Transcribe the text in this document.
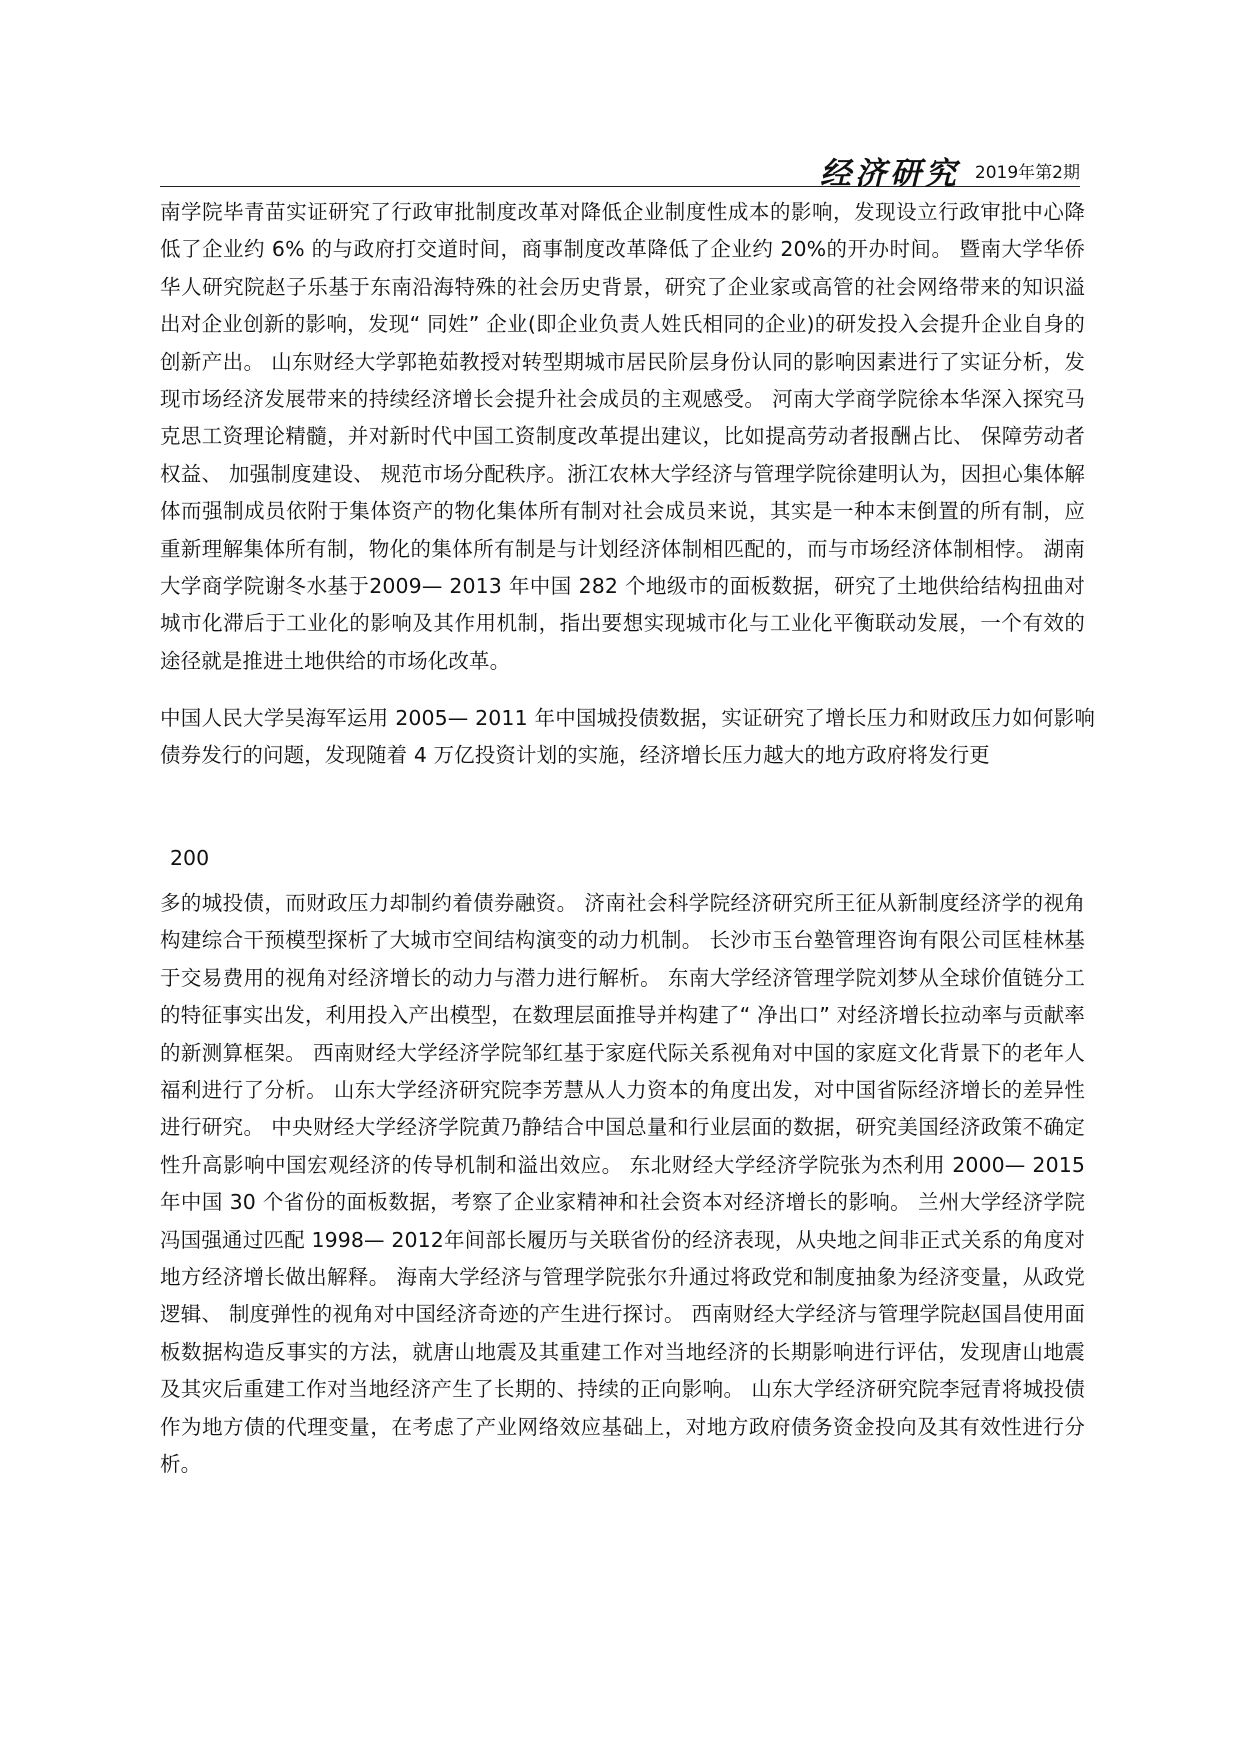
经济研究 2019年第2期
南学院毕青苗实证研究了行政审批制度改革对降低企业制度性成本的影响，发现设立行政审批中心降低了企业约 6% 的与政府打交道时间，商事制度改革降低了企业约 20%的开办时间。 暨南大学华侨华人研究院赵子乐基于东南沿海特殊的社会历史背景，研究了企业家或高管的社会网络带来的知识溢出对企业创新的影响，发现“ 同姓” 企业(即企业负责人姓氏相同的企业)的研发投入会提升企业自身的创新产出。 山东财经大学郭艳茹教授对转型期城市居民阶层身份认同的影响因素进行了实证分析，发现市场经济发展带来的持续经济增长会提升社会成员的主观感受。 河南大学商学院徐本华深入探究马克思工资理论精髓，并对新时代中国工资制度改革提出建议，比如提高劳动者报酬占比、 保障劳动者权益、 加强制度建设、 规范市场分配秩序。浙江农林大学经济与管理学院徐建明认为，因担心集体解体而强制成员依附于集体资产的物化集体所有制对社会成员来说，其实是一种本末倒置的所有制，应重新理解集体所有制，物化的集体所有制是与计划经济体制相匹配的，而与市场经济体制相悖。 湖南大学商学院谢冬水基于2009— 2013 年中国 282 个地级市的面板数据，研究了土地供给结构扭曲对城市化滞后于工业化的影响及其作用机制，指出要想实现城市化与工业化平衡联动发展，一个有效的途径就是推进土地供给的市场化改革。
中国人民大学吴海军运用 2005— 2011 年中国城投债数据，实证研究了增长压力和财政压力如何影响债券发行的问题，发现随着 4 万亿投资计划的实施，经济增长压力越大的地方政府将发行更
200
多的城投债，而财政压力却制约着债券融资。 济南社会科学院经济研究所王征从新制度经济学的视角构建综合干预模型探析了大城市空间结构演变的动力机制。 长沙市玉台塾管理咨询有限公司匡桂林基于交易费用的视角对经济增长的动力与潜力进行解析。 东南大学经济管理学院刘梦从全球价值链分工的特征事实出发，利用投入产出模型，在数理层面推导并构建了“ 净出口” 对经济增长拉动率与贡献率的新测算框架。 西南财经大学经济学院邹红基于家庭代际关系视角对中国的家庭文化背景下的老年人福利进行了分析。 山东大学经济研究院李芳慧从人力资本的角度出发，对中国省际经济增长的差异性进行研究。 中央财经大学经济学院黄乃静结合中国总量和行业层面的数据，研究美国经济政策不确定性升高影响中国宏观经济的传导机制和溢出效应。 东北财经大学经济学院张为杰利用 2000— 2015 年中国 30 个省份的面板数据，考察了企业家精神和社会资本对经济增长的影响。 兰州大学经济学院冯国强通过匹配 1998— 2012年间部长履历与关联省份的经济表现，从央地之间非正式关系的角度对地方经济增长做出解释。 海南大学经济与管理学院张尔升通过将政党和制度抽象为经济变量，从政党逻辑、 制度弹性的视角对中国经济奇迹的产生进行探讨。 西南财经大学经济与管理学院赵国昌使用面板数据构造反事实的方法，就唐山地震及其重建工作对当地经济的长期影响进行评估，发现唐山地震及其灾后重建工作对当地经济产生了长期的、持续的正向影响。 山东大学经济研究院李冠青将城投债作为地方债的代理变量，在考虑了产业网络效应基础上，对地方政府债务资金投向及其有效性进行分析。
